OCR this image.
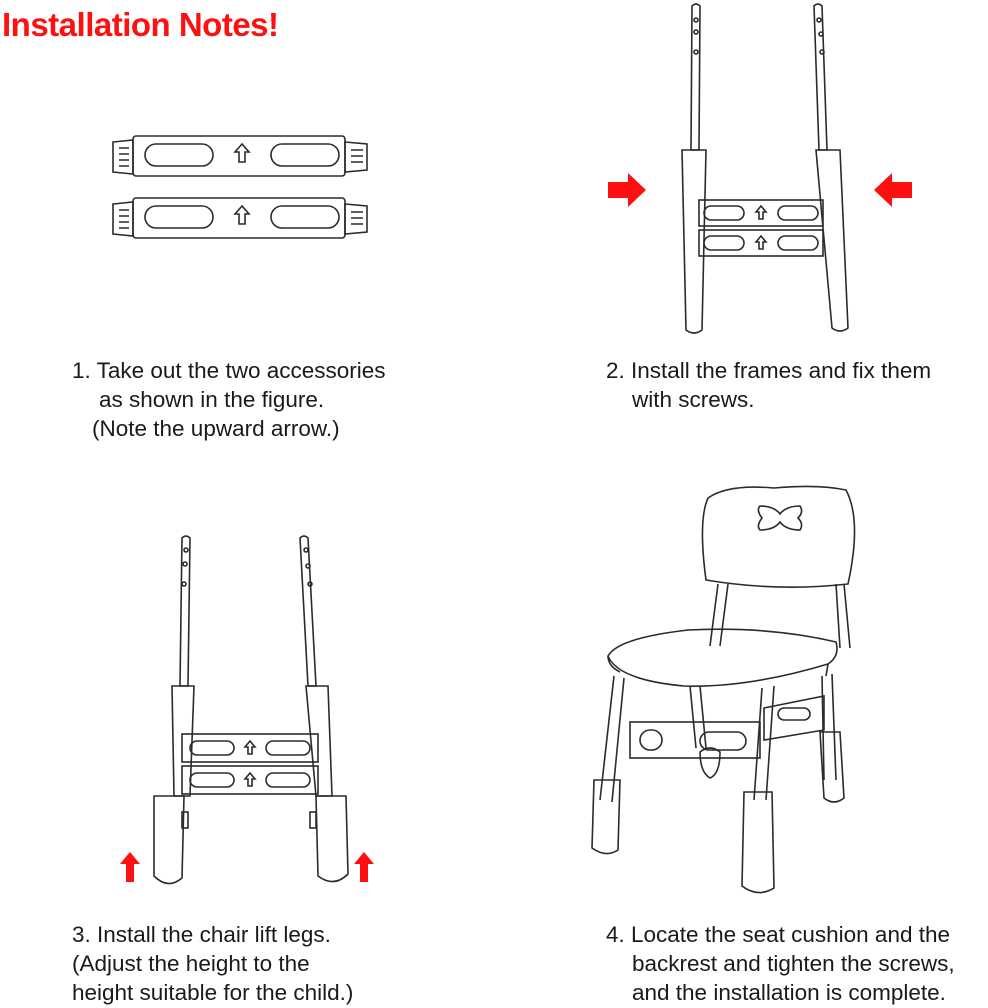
Installation Notes!
1. Take out the two accessories
as shown in the figure.
(Note the upward arrow.)
2. Install the frames and fix them
with screws.
3. Install the chair lift legs.
(Adjust the height to the
height suitable for the child.)
4. Locate the seat cushion and the
backrest and tighten the screws,
and the installation is complete.
